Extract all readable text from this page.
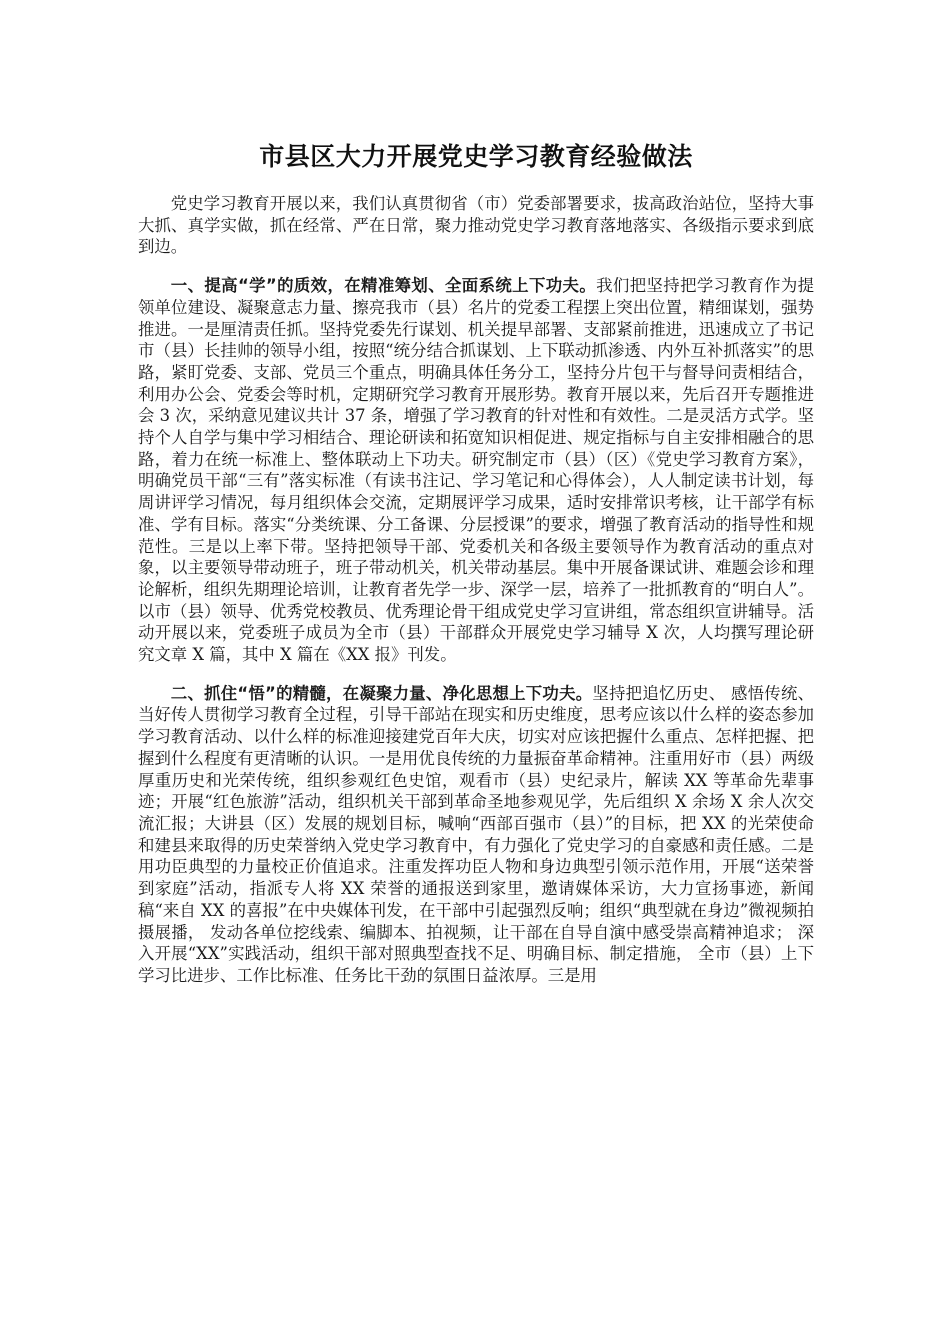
市县区大力开展党史学习教育经验做法

党史学习教育开展以来，我们认真贯彻省（市）党委部署要求，拔高政治站位，坚持大事大抓、真学实做，抓在经常、严在日常，聚力推动党史学习教育落地落实、各级指示要求到底到边。

一、提高“学”的质效，在精准筹划、全面系统上下功夫。我们把坚持把学习教育作为提领单位建设、凝聚意志力量、擦亮我市（县）名片的党委工程摆上突出位置，精细谋划，强势推进。一是厘清责任抓。坚持党委先行谋划、机关提早部署、支部紧前推进，迅速成立了书记市（县）长挂帅的领导小组，按照“统分结合抓谋划、上下联动抓渗透、内外互补抓落实”的思路，紧盯党委、支部、党员三个重点，明确具体任务分工，坚持分片包干与督导问责相结合，利用办公会、党委会等时机，定期研究学习教育开展形势。教育开展以来，先后召开专题推进会 3 次，采纳意见建议共计 37 条，增强了学习教育的针对性和有效性。二是灵活方式学。坚持个人自学与集中学习相结合、理论研读和拓宽知识相促进、规定指标与自主安排相融合的思路，着力在统一标准上、整体联动上下功夫。研究制定市（县）（区）《党史学习教育方案》，明确党员干部“三有”落实标准（有读书注记、学习笔记和心得体会），人人制定读书计划，每周讲评学习情况，每月组织体会交流，定期展评学习成果，适时安排常识考核，让干部学有标准、学有目标。落实“分类统课、分工备课、分层授课”的要求，增强了教育活动的指导性和规范性。三是以上率下带。坚持把领导干部、党委机关和各级主要领导作为教育活动的重点对象，以主要领导带动班子，班子带动机关，机关带动基层。集中开展备课试讲、难题会诊和理论解析，组织先期理论培训，让教育者先学一步、深学一层，培养了一批抓教育的“明白人”。以市（县）领导、优秀党校教员、优秀理论骨干组成党史学习宣讲组，常态组织宣讲辅导。活动开展以来，党委班子成员为全市（县）干部群众开展党史学习辅导 X 次，人均撰写理论研究文章 X 篇，其中 X 篇在《XX 报》刊发。

二、抓住“悟”的精髓，在凝聚力量、净化思想上下功夫。坚持把追忆历史、 感悟传统、当好传人贯彻学习教育全过程，引导干部站在现实和历史维度，思考应该以什么样的姿态参加学习教育活动、以什么样的标准迎接建党百年大庆，切实对应该把握什么重点、怎样把握、把握到什么程度有更清晰的认识。一是用优良传统的力量振奋革命精神。注重用好市（县）两级厚重历史和光荣传统，组织参观红色史馆，观看市（县）史纪录片，解读 XX 等革命先辈事迹；开展“红色旅游”活动，组织机关干部到革命圣地参观见学，先后组织 X 余场 X 余人次交流汇报；大讲县（区）发展的规划目标，喊响“西部百强市（县）”的目标，把 XX 的光荣使命和建县来取得的历史荣誉纳入党史学习教育中，有力强化了党史学习的自豪感和责任感。二是用功臣典型的力量校正价值追求。注重发挥功臣人物和身边典型引领示范作用，开展“送荣誉到家庭”活动，指派专人将 XX 荣誉的通报送到家里，邀请媒体采访，大力宣扬事迹，新闻稿“来自 XX 的喜报”在中央媒体刊发，在干部中引起强烈反响；组织“典型就在身边”微视频拍摄展播， 发动各单位挖线索、编脚本、拍视频，让干部在自导自演中感受崇高精神追求； 深入开展“XX”实践活动，组织干部对照典型查找不足、明确目标、制定措施， 全市（县）上下学习比进步、工作比标准、任务比干劲的氛围日益浓厚。三是用
